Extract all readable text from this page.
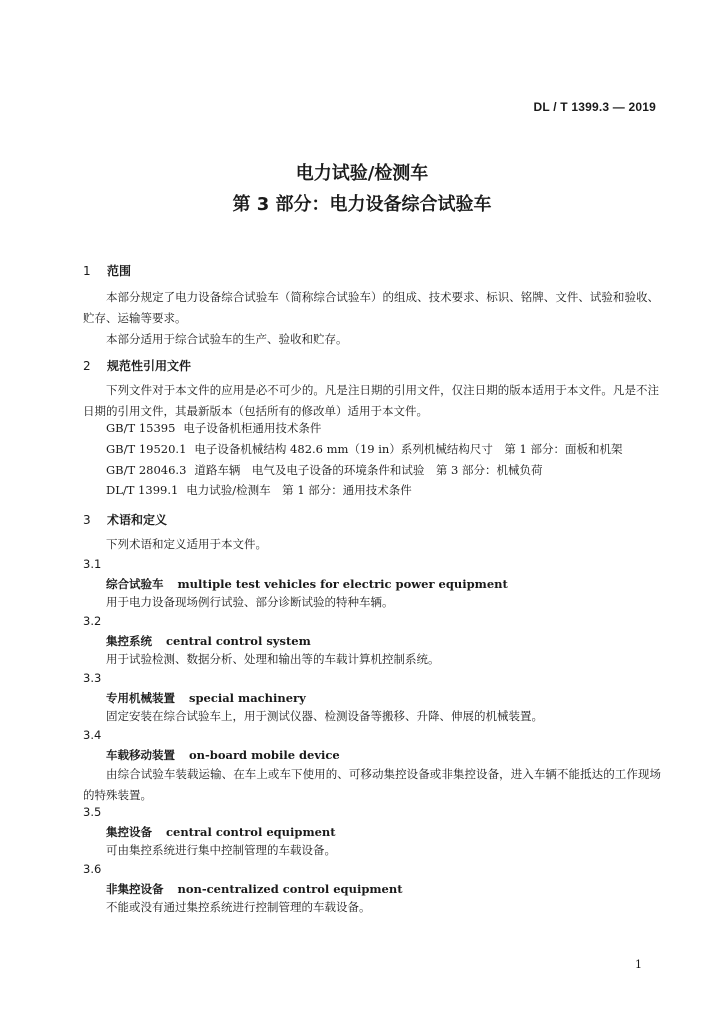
DL / T 1399.3 — 2019
电力试验/检测车
第 3 部分：电力设备综合试验车
1 范围
本部分规定了电力设备综合试验车（简称综合试验车）的组成、技术要求、标识、铭牌、文件、试验和验收、贮存、运输等要求。
本部分适用于综合试验车的生产、验收和贮存。
2 规范性引用文件
下列文件对于本文件的应用是必不可少的。凡是注日期的引用文件，仅注日期的版本适用于本文件。凡是不注日期的引用文件，其最新版本（包括所有的修改单）适用于本文件。
GB/T 15395 电子设备机柜通用技术条件
GB/T 19520.1 电子设备机械结构 482.6 mm（19 in）系列机械结构尺寸　第 1 部分：面板和机架
GB/T 28046.3 道路车辆　电气及电子设备的环境条件和试验　第 3 部分：机械负荷
DL/T 1399.1 电力试验/检测车　第 1 部分：通用技术条件
3 术语和定义
下列术语和定义适用于本文件。
3.1
综合试验车 multiple test vehicles for electric power equipment
用于电力设备现场例行试验、部分诊断试验的特种车辆。
3.2
集控系统 central control system
用于试验检测、数据分析、处理和输出等的车载计算机控制系统。
3.3
专用机械装置 special machinery
固定安装在综合试验车上，用于测试仪器、检测设备等搬移、升降、伸展的机械装置。
3.4
车载移动装置 on-board mobile device
由综合试验车装载运输、在车上或车下使用的、可移动集控设备或非集控设备，进入车辆不能抵达的工作现场的特殊装置。
3.5
集控设备 central control equipment
可由集控系统进行集中控制管理的车载设备。
3.6
非集控设备 non-centralized control equipment
不能或没有通过集控系统进行控制管理的车载设备。
1
